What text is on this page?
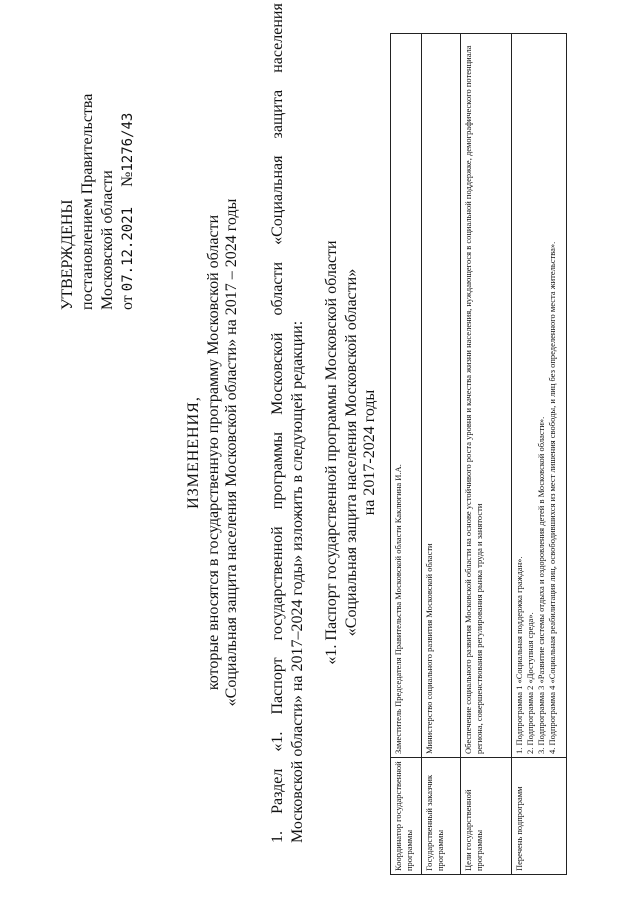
УТВЕРЖДЕНЫ постановлением Правительства Московской области от 07.12.2021     №1276/43
ИЗМЕНЕНИЯ, которые вносятся в государственную программу Московской области «Социальная защита населения Московской области» на 2017 – 2024 годы
1.
Раздел
«1.
Паспорт
государственной
программы
Московской
области
«Социальная
защита
населения
Московской области» на 2017–2024 годы» изложить в следующей редакции: «1. Паспорт государственной программы Московской области «Социальная защита населения Московской области» на 2017-2024 годы
Координатор государственной программы	Заместитель Председателя Правительства Московской области Каклюгина И.А.
Государственный заказчик программы	Министерство социального развития Московской области
Цели государственной программы	Обеспечение социального развития Московской области на основе устойчивого роста уровня и качества жизни населения, нуждающегося в социальной поддержке, демографического потенциала региона, совершенствования регулирования рынка труда и занятости
Перечень подпрограмм	1. Подпрограмма 1 «Социальная поддержка граждан». 2. Подпрограмма 2 «Доступная среда». 3. Подпрограмма 3 «Развитие системы отдыха и оздоровления детей в Московской области». 4. Подпрограмма 4 «Социальная реабилитация лиц, освободившихся из мест лишения свободы, и лиц без определенного места жительства».
